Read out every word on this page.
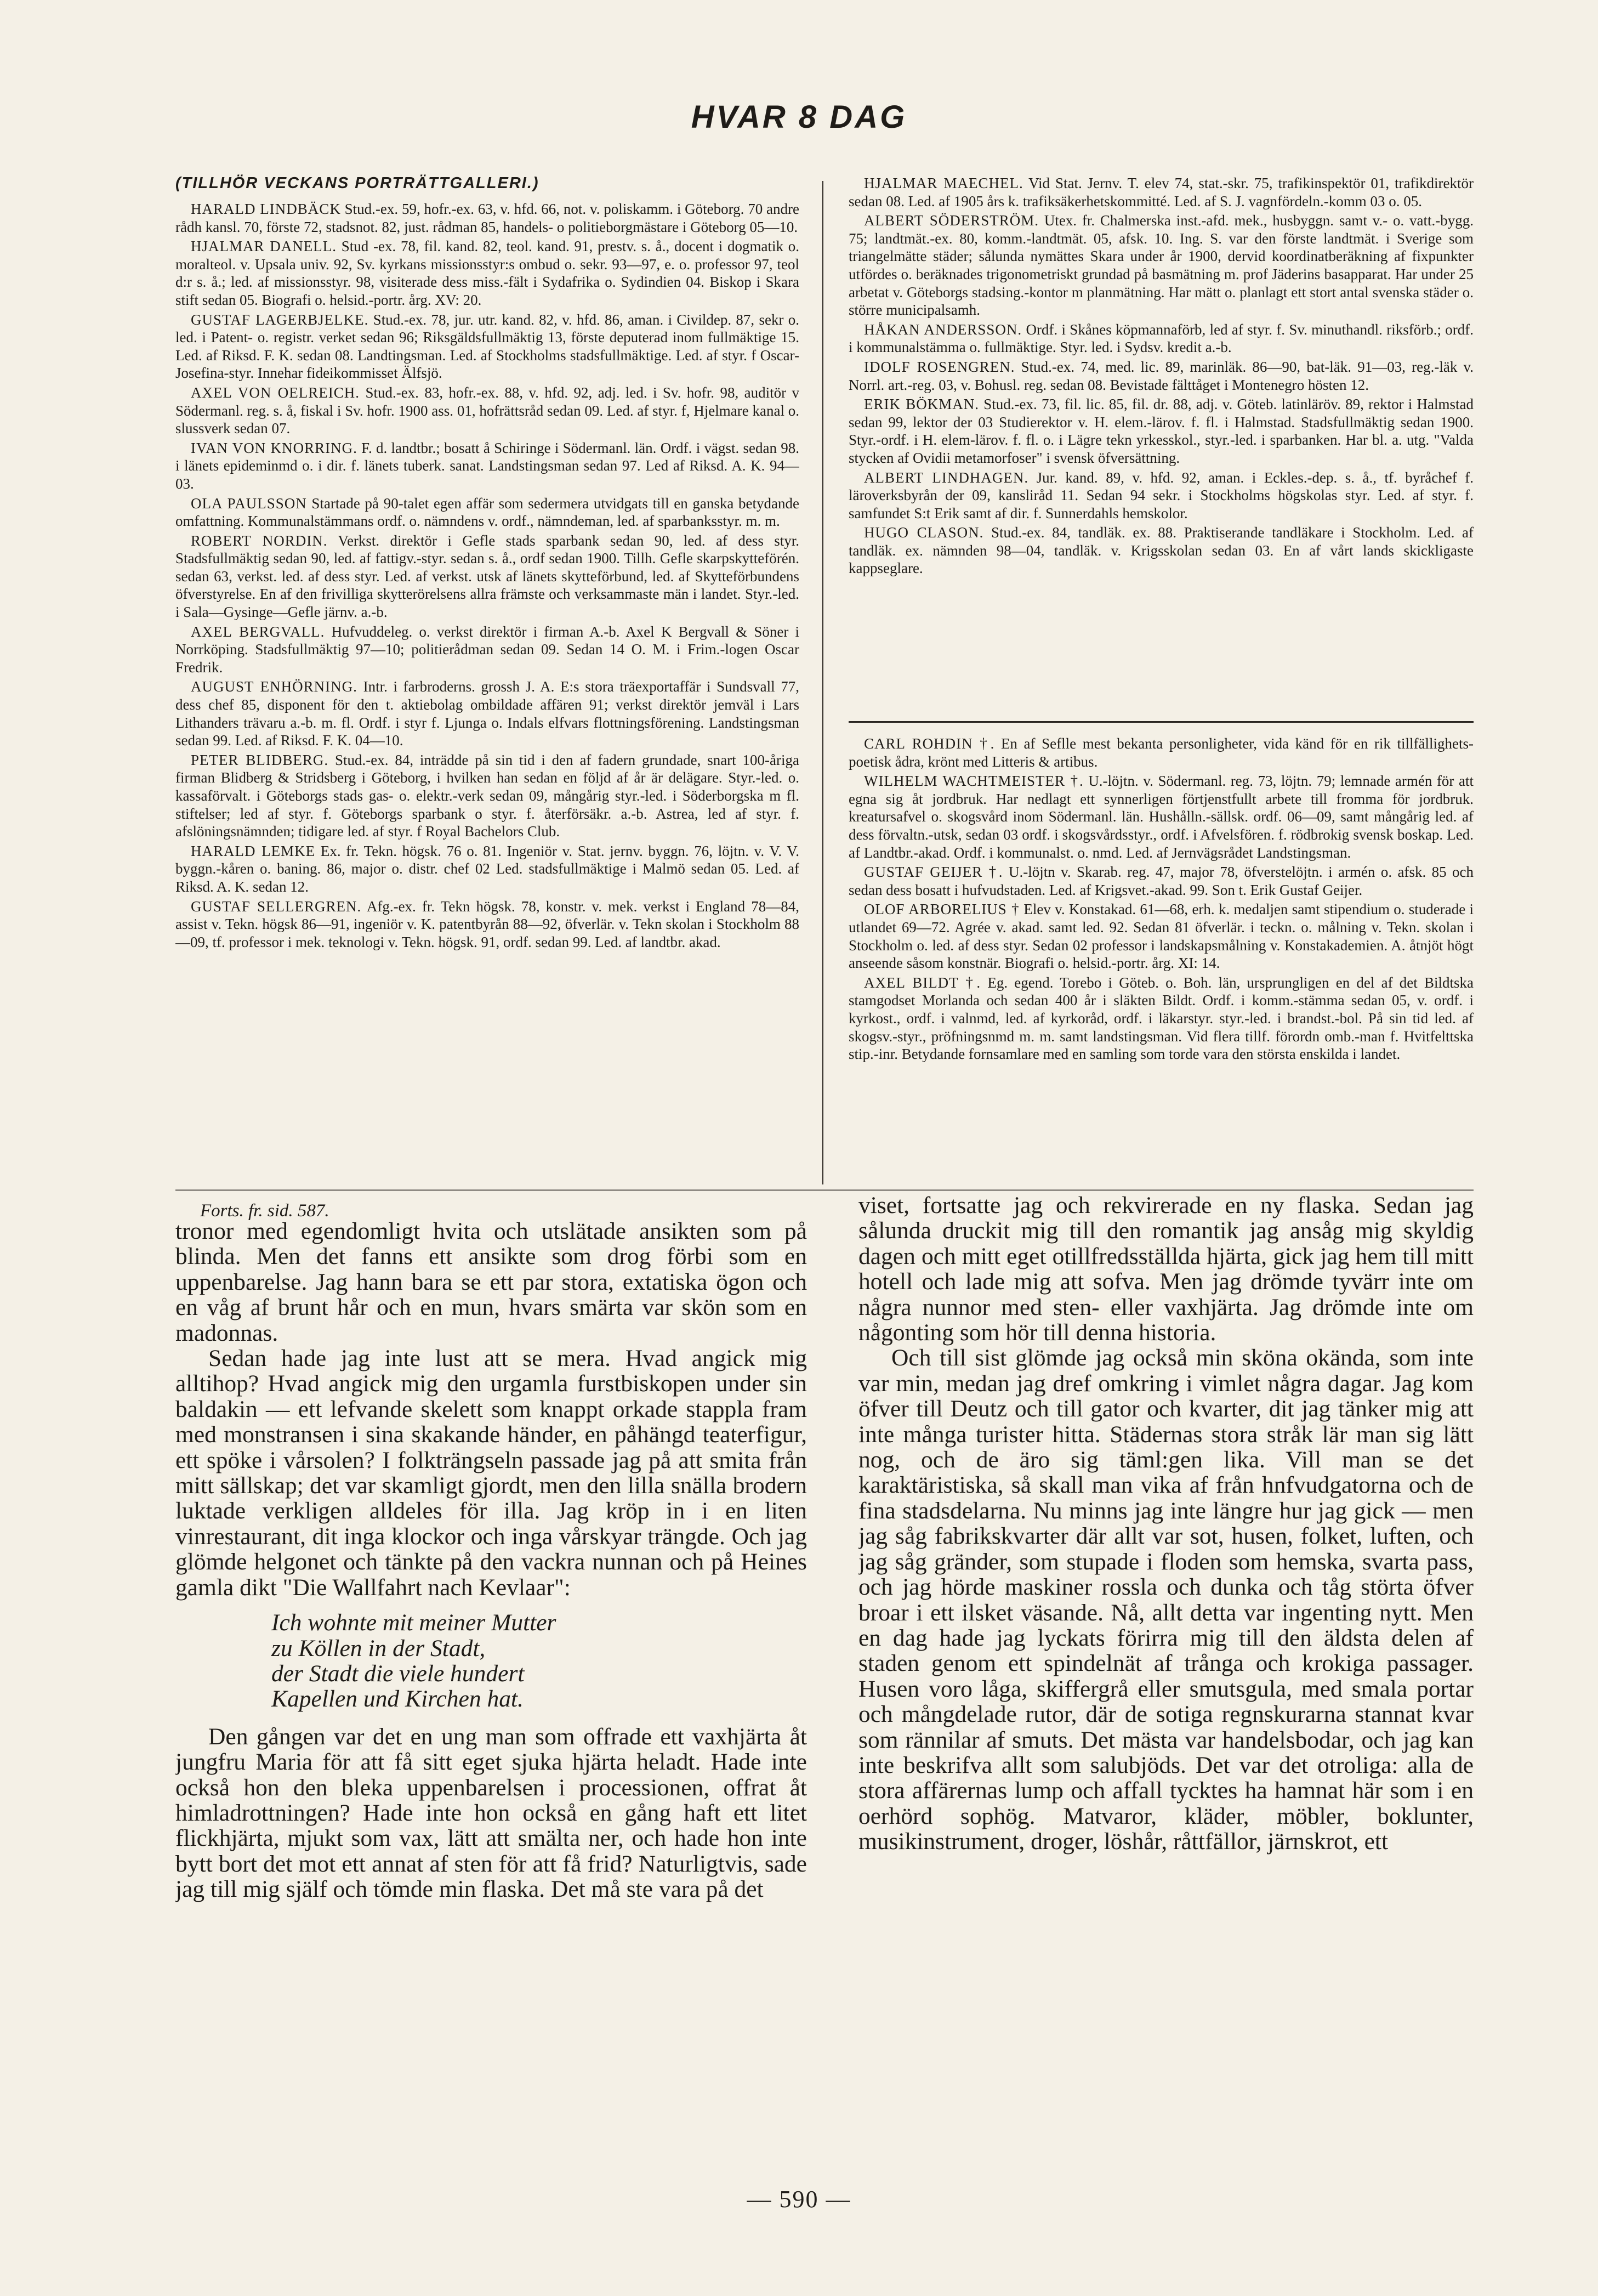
HVAR 8 DAG
(TILLHÖR VECKANS PORTRÄTTGALLERI.)

HARALD LINDBÄCK Stud.-ex. 59, hofr.-ex. 63, v. hfd. 66, not. v. poliskamm. i Göteborg. 70 andre rådh kansl. 70, förste 72, stadsnot. 82, just. rådman 85, handels- o politieborgmästare i Göteborg 05—10.

HJALMAR DANELL. Stud -ex. 78, fil. kand. 82, teol. kand. 91, prestv. s. å., docent i dogmatik o. moralteol. v. Upsala univ. 92, Sv. kyrkans missionsstyr:s ombud o. sekr. 93—97, e. o. professor 97, teol d:r s. å.; led. af missionsstyr. 98, visiterade dess miss.-fält i Sydafrika o. Sydindien 04. Biskop i Skara stift sedan 05. Biografi o. helsid.-portr. årg. XV: 20.

GUSTAF LAGERBJELKE. Stud.-ex. 78, jur. utr. kand. 82, v. hfd. 86, aman. i Civildep. 87, sekr o. led. i Patent- o. registr. verket sedan 96; Riksgäldsfullmäktig 13, förste deputerad inom fullmäktige 15. Led. af Riksd. F. K. sedan 08. Landtingsman. Led. af Stockholms stadsfullmäktige. Led. af styr. f Oscar-Josefina-styr. Innehar fideikommisset Älfsjö.

AXEL VON OELREICH. Stud.-ex. 83, hofr.-ex. 88, v. hfd. 92, adj. led. i Sv. hofr. 98, auditör v Södermanl. reg. s. å, fiskal i Sv. hofr. 1900 ass. 01, hofrättsråd sedan 09. Led. af styr. f, Hjelmare kanal o. slussverk sedan 07.

IVAN VON KNORRING. F. d. landtbr.; bosatt å Schiringe i Södermanl. län. Ordf. i vägst. sedan 98. i länets epideminmd o. i dir. f. länets tuberk. sanat. Landstingsman sedan 97. Led af Riksd. A. K. 94—03.

OLA PAULSSON Startade på 90-talet egen affär som sedermera utvidgats till en ganska betydande omfattning. Kommunalstämmans ordf. o. nämndens v. ordf., nämndeman, led. af sparbanksstyr. m. m.

ROBERT NORDIN. Verkst. direktör i Gefle stads sparbank sedan 90, led. af dess styr. Stadsfullmäktig sedan 90, led. af fattigv.-styr. sedan s. å., ordf sedan 1900. Tillh. Gefle skarpskytteförén. sedan 63, verkst. led. af dess styr. Led. af verkst. utsk af länets skytteförbund, led. af Skytteförbundens öfverstyrelse. En af den frivilliga skytterörelsens allra främste och verksammaste män i landet. Styr.-led. i Sala—Gysinge—Gefle järnv. a.-b.

AXEL BERGVALL. Hufvuddeleg. o. verkst direktör i firman A.-b. Axel K Bergvall & Söner i Norrköping. Stadsfullmäktig 97—10; politierådman sedan 09. Sedan 14 O. M. i Frim.-logen Oscar Fredrik.

AUGUST ENHÖRNING. Intr. i farbroderns. grossh J. A. E:s stora träexportaffär i Sundsvall 77, dess chef 85, disponent för den t. aktiebolag ombildade affären 91; verkst direktör jemväl i Lars Lithanders trävaru a.-b. m. fl. Ordf. i styr f. Ljunga o. Indals elfvars flottningsförening. Landstingsman sedan 99. Led. af Riksd. F. K. 04—10.

PETER BLIDBERG. Stud.-ex. 84, inträdde på sin tid i den af fadern grundade, snart 100-åriga firman Blidberg & Stridsberg i Göteborg, i hvilken han sedan en följd af år är delägare. Styr.-led. o. kassaförvalt. i Göteborgs stads gas- o. elektr.-verk sedan 09, mångårig styr.-led. i Söderborgska m fl. stiftelser; led af styr. f. Göteborgs sparbank o styr. f. återförsäkr. a.-b. Astrea, led af styr. f. afslöningsnämnden; tidigare led. af styr. f Royal Bachelors Club.

HARALD LEMKE Ex. fr. Tekn. högsk. 76 o. 81. Ingeniör v. Stat. jernv. byggn. 76, löjtn. v. V. V. byggn.-kåren o. baning. 86, major o. distr. chef 02 Led. stadsfullmäktige i Malmö sedan 05. Led. af Riksd. A. K. sedan 12.

GUSTAF SELLERGREN. Afg.-ex. fr. Tekn högsk. 78, konstr. v. mek. verkst i England 78—84, assist v. Tekn. högsk 86—91, ingeniör v. K. patentbyrån 88—92, öfverlär. v. Tekn skolan i Stockholm 88—09, tf. professor i mek. teknologi v. Tekn. högsk. 91, ordf. sedan 99. Led. af landtbr. akad.

HJALMAR MAECHEL. Vid Stat. Jernv. T. elev 74, stat.-skr. 75, trafikinspektör 01, trafikdirektör sedan 08. Led. af 1905 års k. trafiksäkerhetskommitté. Led. af S. J. vagnfördeln.-komm 03 o. 05.

ALBERT SÖDERSTRÖM. Utex. fr. Chalmerska inst.-afd. mek., husbyggn. samt v.- o. vatt.-bygg. 75; landtmät.-ex. 80, komm.-landtmät. 05, afsk. 10. Ing. S. var den förste landtmät. i Sverige som triangelmätte städer; sålunda nymättes Skara under år 1900, dervid koordinatberäkning af fixpunkter utfördes o. beräknades trigonometriskt grundad på basmätning m. prof Jäderins basapparat. Har under 25 arbetat v. Göteborgs stadsing.-kontor m planmätning. Har mätt o. planlagt ett stort antal svenska städer o. större municipalsamh.

HÅKAN ANDERSSON. Ordf. i Skånes köpmannaförb, led af styr. f. Sv. minuthandl. riksförb.; ordf. i kommunalstämma o. fullmäktige. Styr. led. i Sydsv. kredit a.-b.

IDOLF ROSENGREN. Stud.-ex. 74, med. lic. 89, marinläk. 86—90, bat-läk. 91—03, reg.-läk v. Norrl. art.-reg. 03, v. Bohusl. reg. sedan 08. Bevistade fälttåget i Montenegro hösten 12.

ERIK BÖKMAN. Stud.-ex. 73, fil. lic. 85, fil. dr. 88, adj. v. Göteb. latinläröv. 89, rektor i Halmstad sedan 99, lektor der 03 Studierektor v. H. elem.-lärov. f. fl. i Halmstad. Stadsfullmäktig sedan 1900. Styr.-ordf. i H. elem-lärov. f. fl. o. i Lägre tekn yrkesskol., styr.-led. i sparbanken. Har bl. a. utg. "Valda stycken af Ovidii metamorfoser" i svensk öfversättning.

ALBERT LINDHAGEN. Jur. kand. 89, v. hfd. 92, aman. i Eckles.-dep. s. å., tf. byråchef f. läroverksbyrån der 09, kansliråd 11. Sedan 94 sekr. i Stockholms högskolas styr. Led. af styr. f. samfundet S:t Erik samt af dir. f. Sunnerdahls hemskolor.

HUGO CLASON. Stud.-ex. 84, tandläk. ex. 88. Praktiserande tandläkare i Stockholm. Led. af tandläk. ex. nämnden 98—04, tandläk. v. Krigsskolan sedan 03. En af vårt lands skickligaste kappseglare.

CARL ROHDIN †. En af Seflle mest bekanta personligheter, vida känd för en rik tillfällighets-poetisk ådra, krönt med Litteris & artibus.

WILHELM WACHTMEISTER †. U.-löjtn. v. Södermanl. reg. 73, löjtn. 79; lemnade armén för att egna sig åt jordbruk. Har nedlagt ett synnerligen förtjenstfullt arbete till fromma för jordbruk. kreatursafvel o. skogsvård inom Södermanl. län. Hushålln.-sällsk. ordf. 06—09, samt mångårig led. af dess förvaltn.-utsk, sedan 03 ordf. i skogsvårdsstyr., ordf. i Afvelsfören. f. rödbrokig svensk boskap. Led. af Landtbr.-akad. Ordf. i kommunalst. o. nmd. Led. af Jernvägsrådet Landstingsman.

GUSTAF GEIJER †. U.-löjtn v. Skarab. reg. 47, major 78, öfverstelöjtn. i armén o. afsk. 85 och sedan dess bosatt i hufvudstaden. Led. af Krigsvet.-akad. 99. Son t. Erik Gustaf Geijer.

OLOF ARBORELIUS † Elev v. Konstakad. 61—68, erh. k. medaljen samt stipendium o. studerade i utlandet 69—72. Agrée v. akad. samt led. 92. Sedan 81 öfverlär. i teckn. o. målning v. Tekn. skolan i Stockholm o. led. af dess styr. Sedan 02 professor i landskapsmålning v. Konstakademien. A. åtnjöt högt anseende såsom konstnär. Biografi o. helsid.-portr. årg. XI: 14.

AXEL BILDT †. Eg. egend. Torebo i Göteb. o. Boh. län, ursprungligen en del af det Bildtska stamgodset Morlanda och sedan 400 år i släkten Bildt. Ordf. i komm.-stämma sedan 05, v. ordf. i kyrkost., ordf. i valnmd, led. af kyrkoråd, ordf. i läkarstyr. styr.-led. i brandst.-bol. På sin tid led. af skogsv.-styr., pröfningsnmd m. m. samt landstingsman. Vid flera tillf. förordn omb.-man f. Hvitfelttska stip.-inr. Betydande fornsamlare med en samling som torde vara den största enskilda i landet.

Forts. fr. sid. 587.

tronor med egendomligt hvita och utslätade ansikten som på blinda. Men det fanns ett ansikte som drog förbi som en uppenbarelse. Jag hann bara se ett par stora, extatiska ögon och en våg af brunt hår och en mun, hvars smärta var skön som en madonnas.

Sedan hade jag inte lust att se mera. Hvad angick mig alltihop? Hvad angick mig den urgamla furstbiskopen under sin baldakin — ett lefvande skelett som knappt orkade stappla fram med monstransen i sina skakande händer, en påhängd teaterfigur, ett spöke i vårsolen? I folkträngseln passade jag på att smita från mitt sällskap; det var skamligt gjordt, men den lilla snälla brodern luktade verkligen alldeles för illa. Jag kröp in i en liten vinrestaurant, dit inga klockor och inga vårskyar trängde. Och jag glömde helgonet och tänkte på den vackra nunnan och på Heines gamla dikt "Die Wallfahrt nach Kevlaar":

Ich wohnte mit meiner Mutter
zu Köllen in der Stadt,
der Stadt die viele hundert
Kapellen und Kirchen hat.

Den gången var det en ung man som offrade ett vaxhjärta åt jungfru Maria för att få sitt eget sjuka hjärta heladt. Hade inte också hon den bleka uppenbarelsen i processionen, offrat åt himladrottningen? Hade inte hon också en gång haft ett litet flickhjärta, mjukt som vax, lätt att smälta ner, och hade hon inte bytt bort det mot ett annat af sten för att få frid? Naturligtvis, sade jag till mig själf och tömde min flaska. Det må ste vara på det

viset, fortsatte jag och rekvirerade en ny flaska. Sedan jag sålunda druckit mig till den romantik jag ansåg mig skyldig dagen och mitt eget otillfredsställda hjärta, gick jag hem till mitt hotell och lade mig att sofva. Men jag drömde tyvärr inte om några nunnor med sten- eller vaxhjärta. Jag drömde inte om någonting som hör till denna historia.

Och till sist glömde jag också min sköna okända, som inte var min, medan jag dref omkring i vimlet några dagar. Jag kom öfver till Deutz och till gator och kvarter, dit jag tänker mig att inte många turister hitta. Städernas stora stråk lär man sig lätt nog, och de äro sig täml:gen lika. Vill man se det karaktäristiska, så skall man vika af från hnfvudgatorna och de fina stadsdelarna. Nu minns jag inte längre hur jag gick — men jag såg fabrikskvarter där allt var sot, husen, folket, luften, och jag såg gränder, som stupade i floden som hemska, svarta pass, och jag hörde maskiner rossla och dunka och tåg störta öfver broar i ett ilsket väsande. Nå, allt detta var ingenting nytt. Men en dag hade jag lyckats förirra mig till den äldsta delen af staden genom ett spindelnät af trånga och krokiga passager. Husen voro låga, skiffergrå eller smutsgula, med smala portar och mångdelade rutor, där de sotiga regnskurarna stannat kvar som rännilar af smuts. Det mästa var handelsbodar, och jag kan inte beskrifva allt som salubjöds. Det var det otroliga: alla de stora affärernas lump och affall tycktes ha hamnat här som i en oerhörd sophög. Matvaror, kläder, möbler, boklunter, musikinstrument, droger, löshår, råttfällor, järnskrot, ett

— 590 —
